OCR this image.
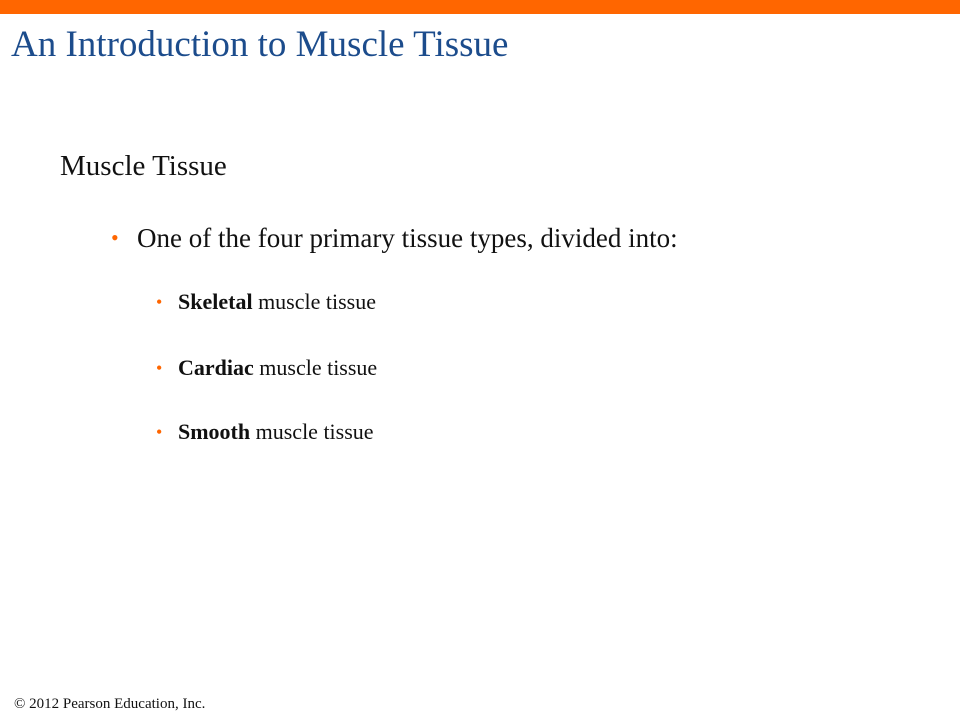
An Introduction to Muscle Tissue
Muscle Tissue
• One of the four primary tissue types, divided into:
• Skeletal muscle tissue
• Cardiac muscle tissue
• Smooth muscle tissue
© 2012 Pearson Education, Inc.
